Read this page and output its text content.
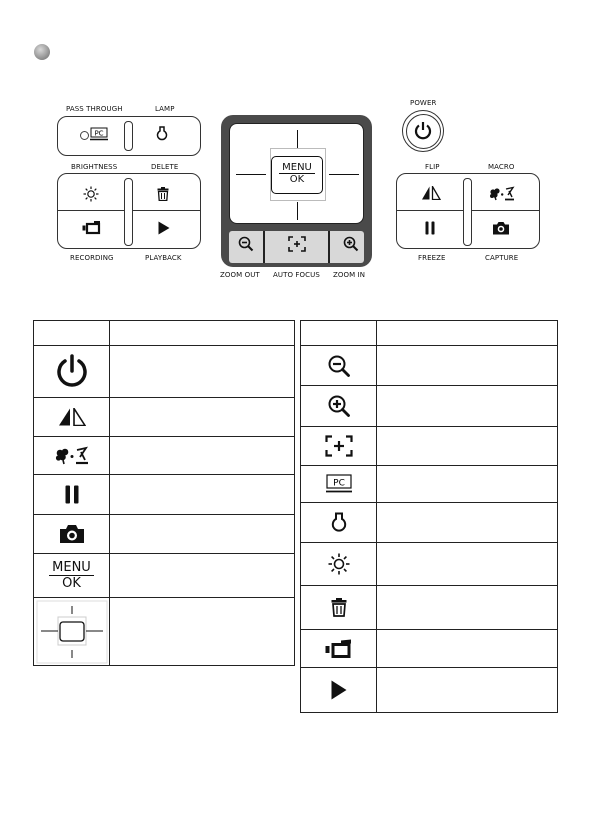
PASS THROUGH	LAMP
PC
BRIGHTNESS	DELETE
RECORDING	PLAYBACK
MENU
OK
ZOOM OUT AUTO FOCUS ZOOM IN
POWER
FLIP	MACRO
FREEZE	CAPTURE

MENU
OK	

PC	
